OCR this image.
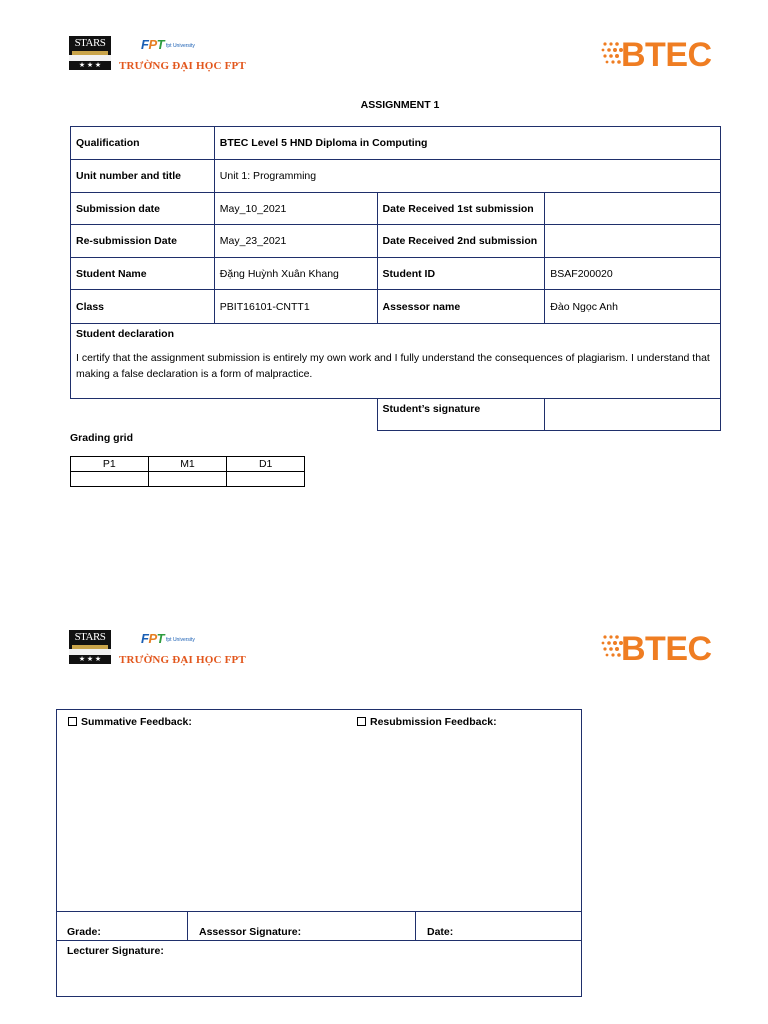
STARS
★ ★ ★
FPT fpt University
TRƯỜNG ĐẠI HỌC FPT	BTEC
ASSIGNMENT 1
Qualification	BTEC Level 5 HND Diploma in Computing		
Unit number and title	Unit 1: Programming		
Submission date	May_10_2021	Date Received 1st submission	
Re-submission Date	May_23_2021	Date Received 2nd submission	
Student Name	Đặng Huỳnh Xuân Khang	Student ID	BSAF200020
Class	PBIT16101-CNTT1	Assessor name	Đào Ngọc Anh

Student declaration
I certify that the assignment submission is entirely my own work and I fully understand the consequences of plagiarism. I understand that making a false declaration is a form of malpractice.			

		Student’s signature	
Grading grid
P1	M1	D1

STARS
★ ★ ★
FPT fpt University
TRƯỜNG ĐẠI HỌC FPT	BTEC
Summative Feedback:	Resubmission Feedback:
Grade:	Assessor Signature:	Date:
Lecturer Signature:
